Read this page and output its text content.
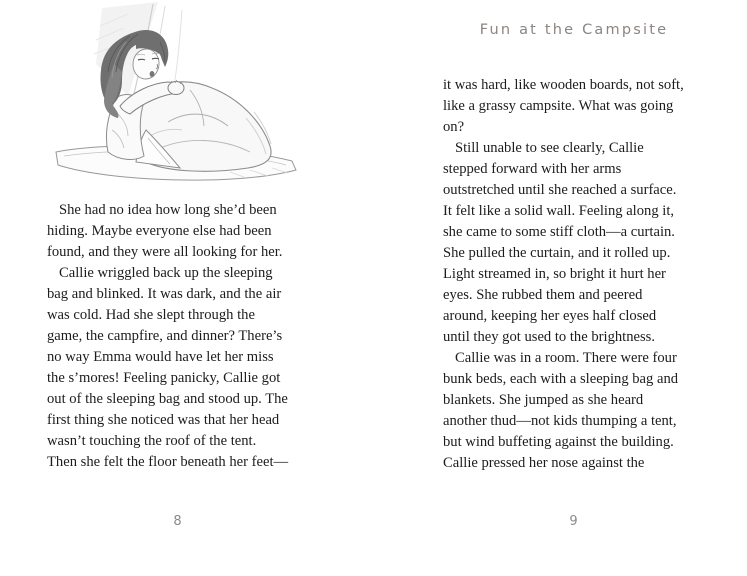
She had no idea how long she’d been
hiding. Maybe everyone else had been
found, and they were all looking for her.
Callie wriggled back up the sleeping
bag and blinked. It was dark, and the air
was cold. Had she slept through the
game, the campfire, and dinner? There’s
no way Emma would have let her miss
the s’mores! Feeling panicky, Callie got
out of the sleeping bag and stood up. The
first thing she noticed was that her head
wasn’t touching the roof of the tent.
Then she felt the floor beneath her feet—
8
Fun at the Campsite
it was hard, like wooden boards, not soft,
like a grassy campsite. What was going
on?
Still unable to see clearly, Callie
stepped forward with her arms
outstretched until she reached a surface.
It felt like a solid wall. Feeling along it,
she came to some stiff cloth—a curtain.
She pulled the curtain, and it rolled up.
Light streamed in, so bright it hurt her
eyes. She rubbed them and peered
around, keeping her eyes half closed
until they got used to the brightness.
Callie was in a room. There were four
bunk beds, each with a sleeping bag and
blankets. She jumped as she heard
another thud—not kids thumping a tent,
but wind buffeting against the building.
Callie pressed her nose against the
9
